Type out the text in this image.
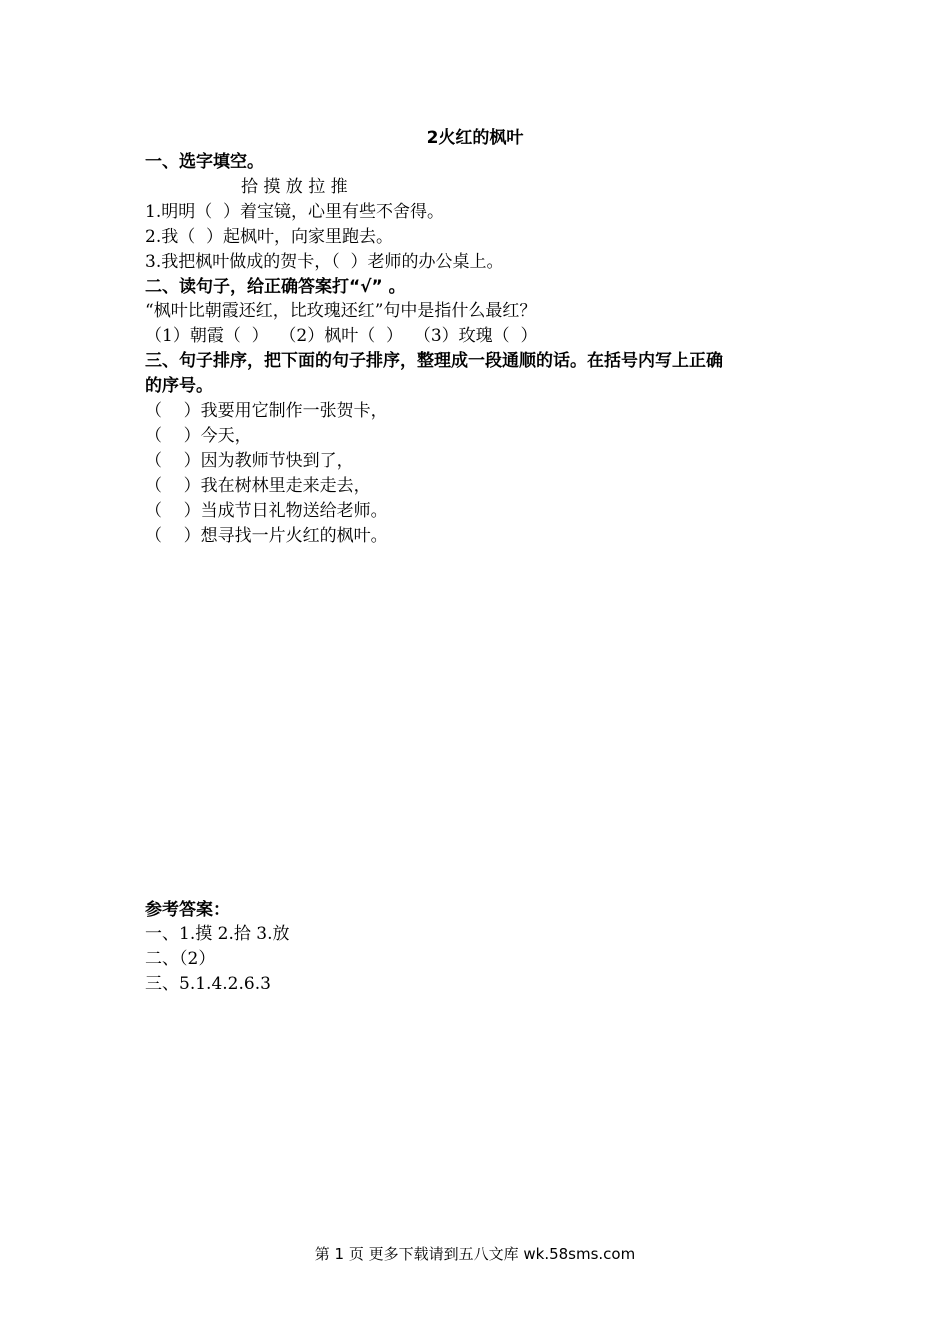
2火红的枫叶
一、选字填空。
拾 摸 放 拉 推
1.明明（  ）着宝镜，心里有些不舍得。
2.我（  ）起枫叶，向家里跑去。
3.我把枫叶做成的贺卡，（  ）老师的办公桌上。
二、读句子，给正确答案打“√” 。
“枫叶比朝霞还红，比玫瑰还红”句中是指什么最红？
（1）朝霞（  ）  （2）枫叶（  ）  （3）玫瑰（  ）
三、句子排序，把下面的句子排序，整理成一段通顺的话。在括号内写上正确
的序号。
（    ）我要用它制作一张贺卡，
（    ）今天，
（    ）因为教师节快到了，
（    ）我在树林里走来走去，
（    ）当成节日礼物送给老师。
（    ）想寻找一片火红的枫叶。
参考答案：
一、1.摸 2.拾 3.放
二、（2）
三、5.1.4.2.6.3
第 1 页 更多下载请到五八文库 wk.58sms.com
